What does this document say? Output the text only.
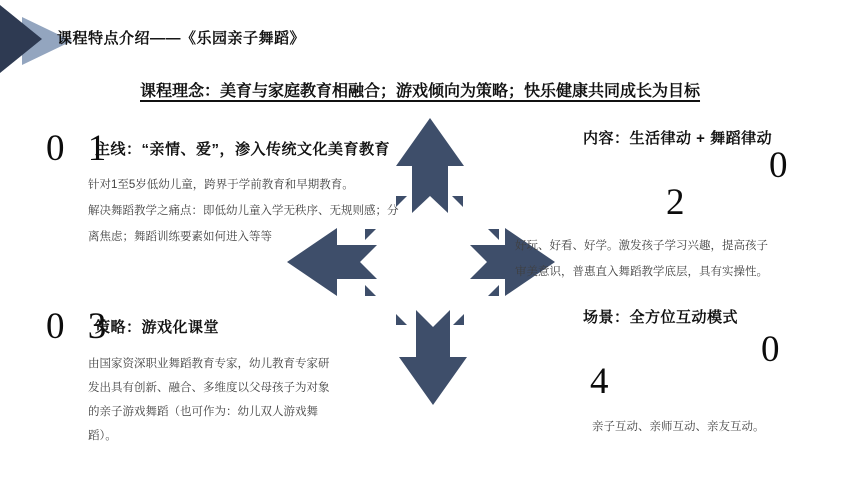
课程特点介绍——《乐园亲子舞蹈》
课程理念：美育与家庭教育相融合；游戏倾向为策略；快乐健康共同成长为目标
0 1
主线：“亲情、爱”，渗入传统文化美育教育
针对1至5岁低幼儿童，跨界于学前教育和早期教育。
解决舞蹈教学之痛点：即低幼儿童入学无秩序、无规则感；分
离焦虑；舞蹈训练要素如何进入等等
内容：生活律动 + 舞蹈律动
0
2
好玩、好看、好学。激发孩子学习兴趣，提高孩子
审美意识，普惠直入舞蹈教学底层，具有实操性。
0 3
策略：游戏化课堂
由国家资深职业舞蹈教育专家，幼儿教育专家研
发出具有创新、融合、多维度以父母孩子为对象
的亲子游戏舞蹈（也可作为：幼儿双人游戏舞
蹈）。
场景：全方位互动模式
0
4
亲子互动、亲师互动、亲友互动。
